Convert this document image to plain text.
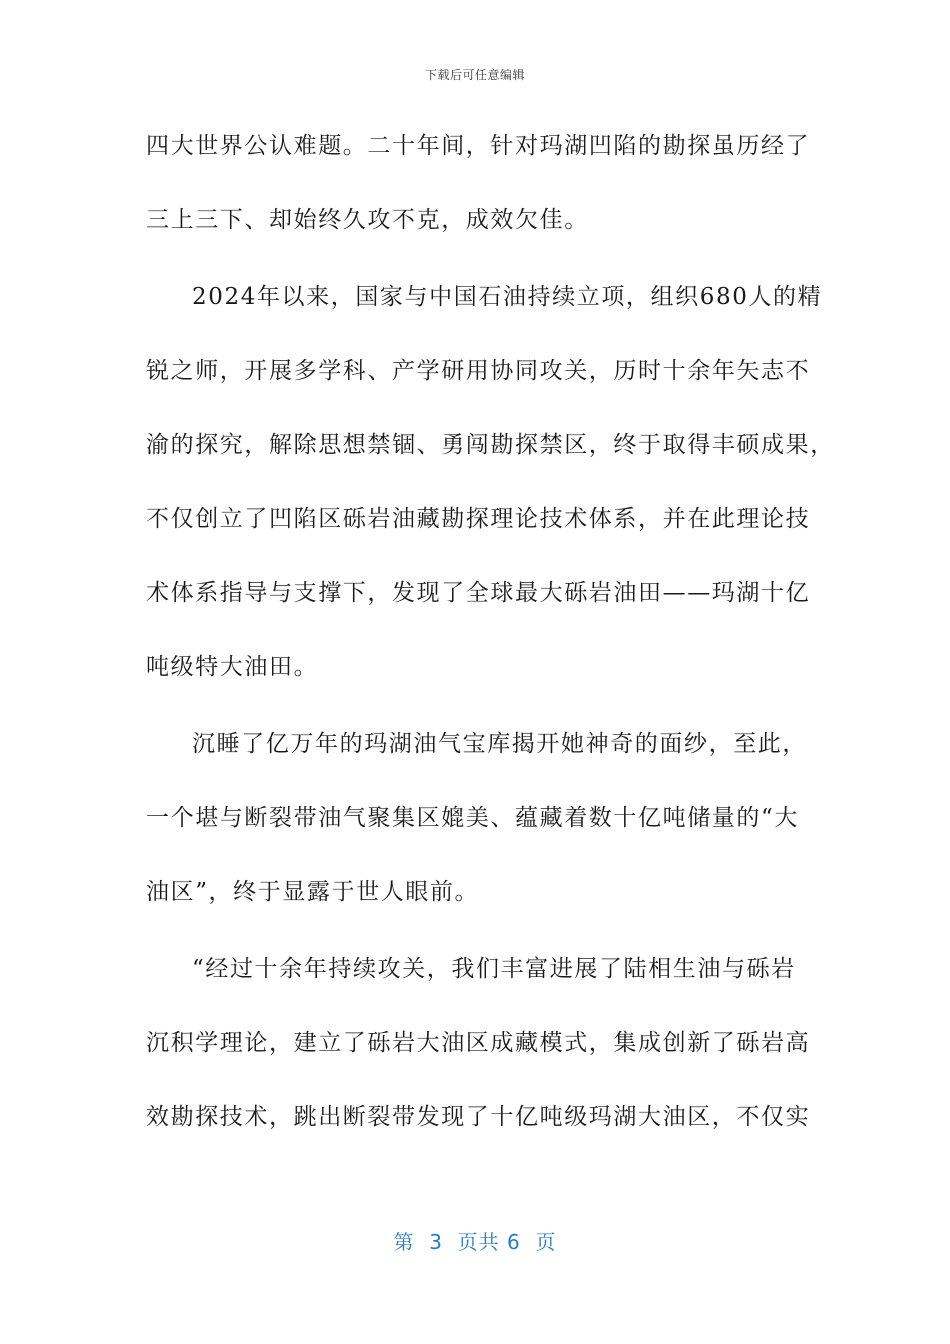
下载后可任意编辑
四大世界公认难题。二十年间，针对玛湖凹陷的勘探虽历经了
三上三下、却始终久攻不克，成效欠佳。
2024年以来，国家与中国石油持续立项，组织680人的精
锐之师，开展多学科、产学研用协同攻关，历时十余年矢志不
渝的探究，解除思想禁锢、勇闯勘探禁区，终于取得丰硕成果，
不仅创立了凹陷区砾岩油藏勘探理论技术体系，并在此理论技
术体系指导与支撑下，发现了全球最大砾岩油田——玛湖十亿
吨级特大油田。
沉睡了亿万年的玛湖油气宝库揭开她神奇的面纱，至此，
一个堪与断裂带油气聚集区媲美、蕴藏着数十亿吨储量的“大
油区”，终于显露于世人眼前。
“经过十余年持续攻关，我们丰富进展了陆相生油与砾岩
沉积学理论，建立了砾岩大油区成藏模式，集成创新了砾岩高
效勘探技术，跳出断裂带发现了十亿吨级玛湖大油区，不仅实
第  3  页共 6  页
